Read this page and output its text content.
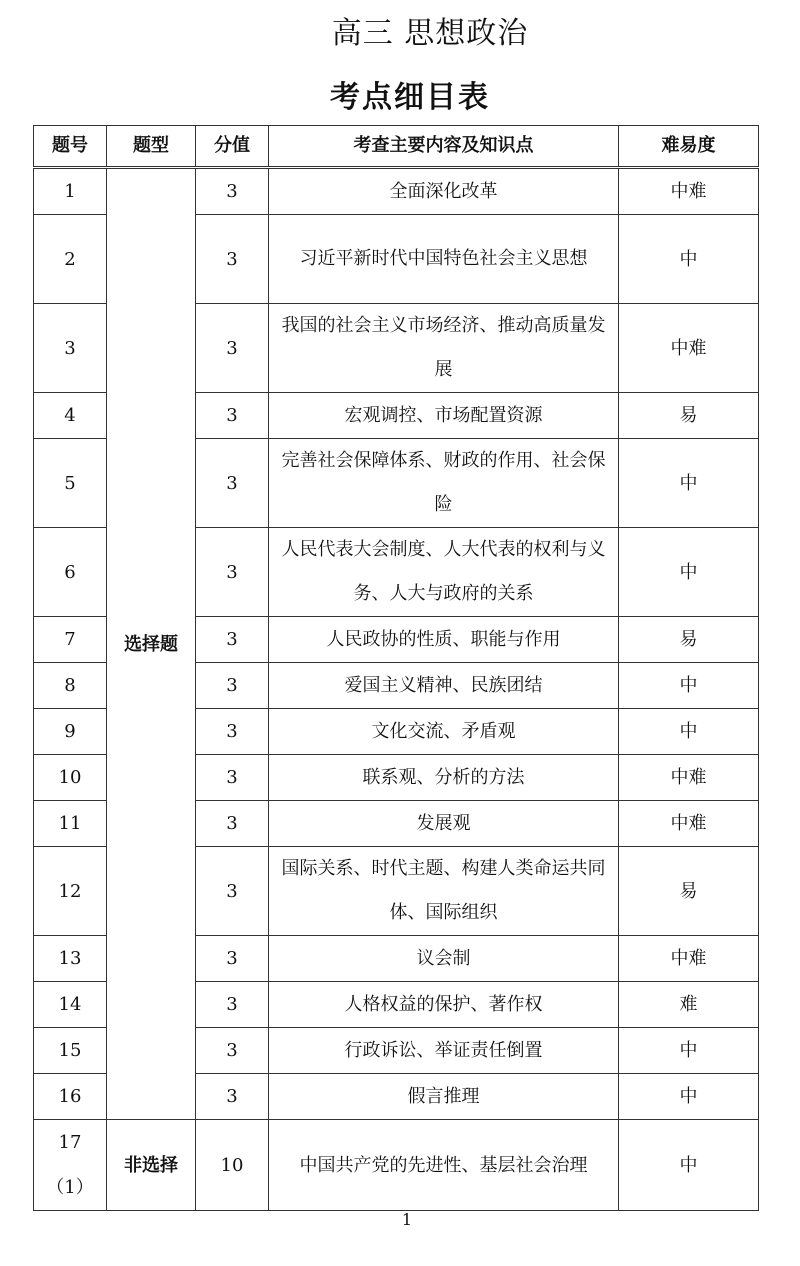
高三 思想政治
考点细目表
题号	题型	分值	考查主要内容及知识点	难易度
1	选择题	3	全面深化改革	中难
2		3	习近平新时代中国特色社会主义思想	中
3		3	我国的社会主义市场经济、推动高质量发展	中难
4		3	宏观调控、市场配置资源	易
5		3	完善社会保障体系、财政的作用、社会保险	中
6		3	人民代表大会制度、人大代表的权利与义务、人大与政府的关系	中
7		3	人民政协的性质、职能与作用	易
8		3	爱国主义精神、民族团结	中
9		3	文化交流、矛盾观	中
10		3	联系观、分析的方法	中难
11		3	发展观	中难
12		3	国际关系、时代主题、构建人类命运共同体、国际组织	易
13		3	议会制	中难
14		3	人格权益的保护、著作权	难
15		3	行政诉讼、举证责任倒置	中
16		3	假言推理	中
17（1）	非选择	10	中国共产党的先进性、基层社会治理	中
1
